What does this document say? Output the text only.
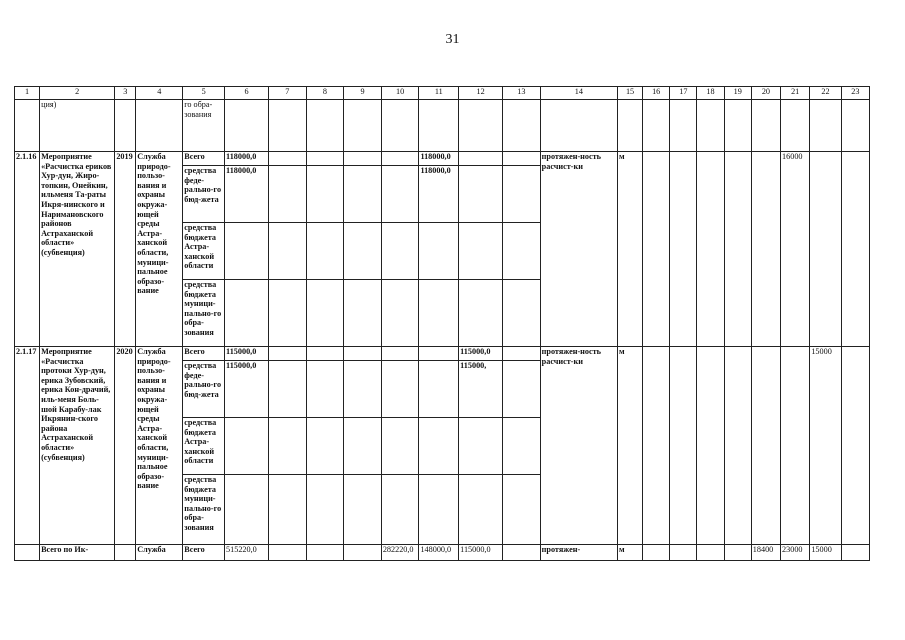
31
1	2	3	4	5	6	7	8	9	10	11	12	13	14	15	16	17	18	19	20	21	22	23
	ция)			го обра-зования																		
2.1.16	Мероприятие «Расчистка ериков Хур-дун, Жиро-топкин, Онейкин, ильменя Та-раты Икря-нинского и Наримановского районов Астраханской области» (субвенция)	2019	Служба природо-пользо-вания и охраны окружа-ющей среды Астра-ханской области, муници-пальное образо-вание	Всего	118000,0					118000,0			протяжен-ность расчист-ки	м						16000		
				средства феде-рально-го бюд-жета	118000,0					118000,0												
				средства бюджета Астра-ханской области																		
				средства бюджета муници-пально-го обра-зования																		
2.1.17	Мероприятие «Расчистка протоки Хур-дун, ерика Зубовский, ерика Кон-драчий, иль-меня Боль-шой Карабу-лак Икрянин-ского района Астраханской области» (субвенция)	2020	Служба природо-пользо-вания и охраны окружа-ющей среды Астра-ханской области, муници-пальное образо-вание	Всего	115000,0						115000,0		протяжен-ность расчист-ки	м							15000	
				средства феде-рально-го бюд-жета	115000,0						115000,											
				средства бюджета Астра-ханской области																		
				средства бюджета муници-пально-го обра-зования																		
	Всего по Ик-		Служба	Всего	515220,0				282220,0	148000,0	115000,0		протяжен-	м					18400	23000	15000	
